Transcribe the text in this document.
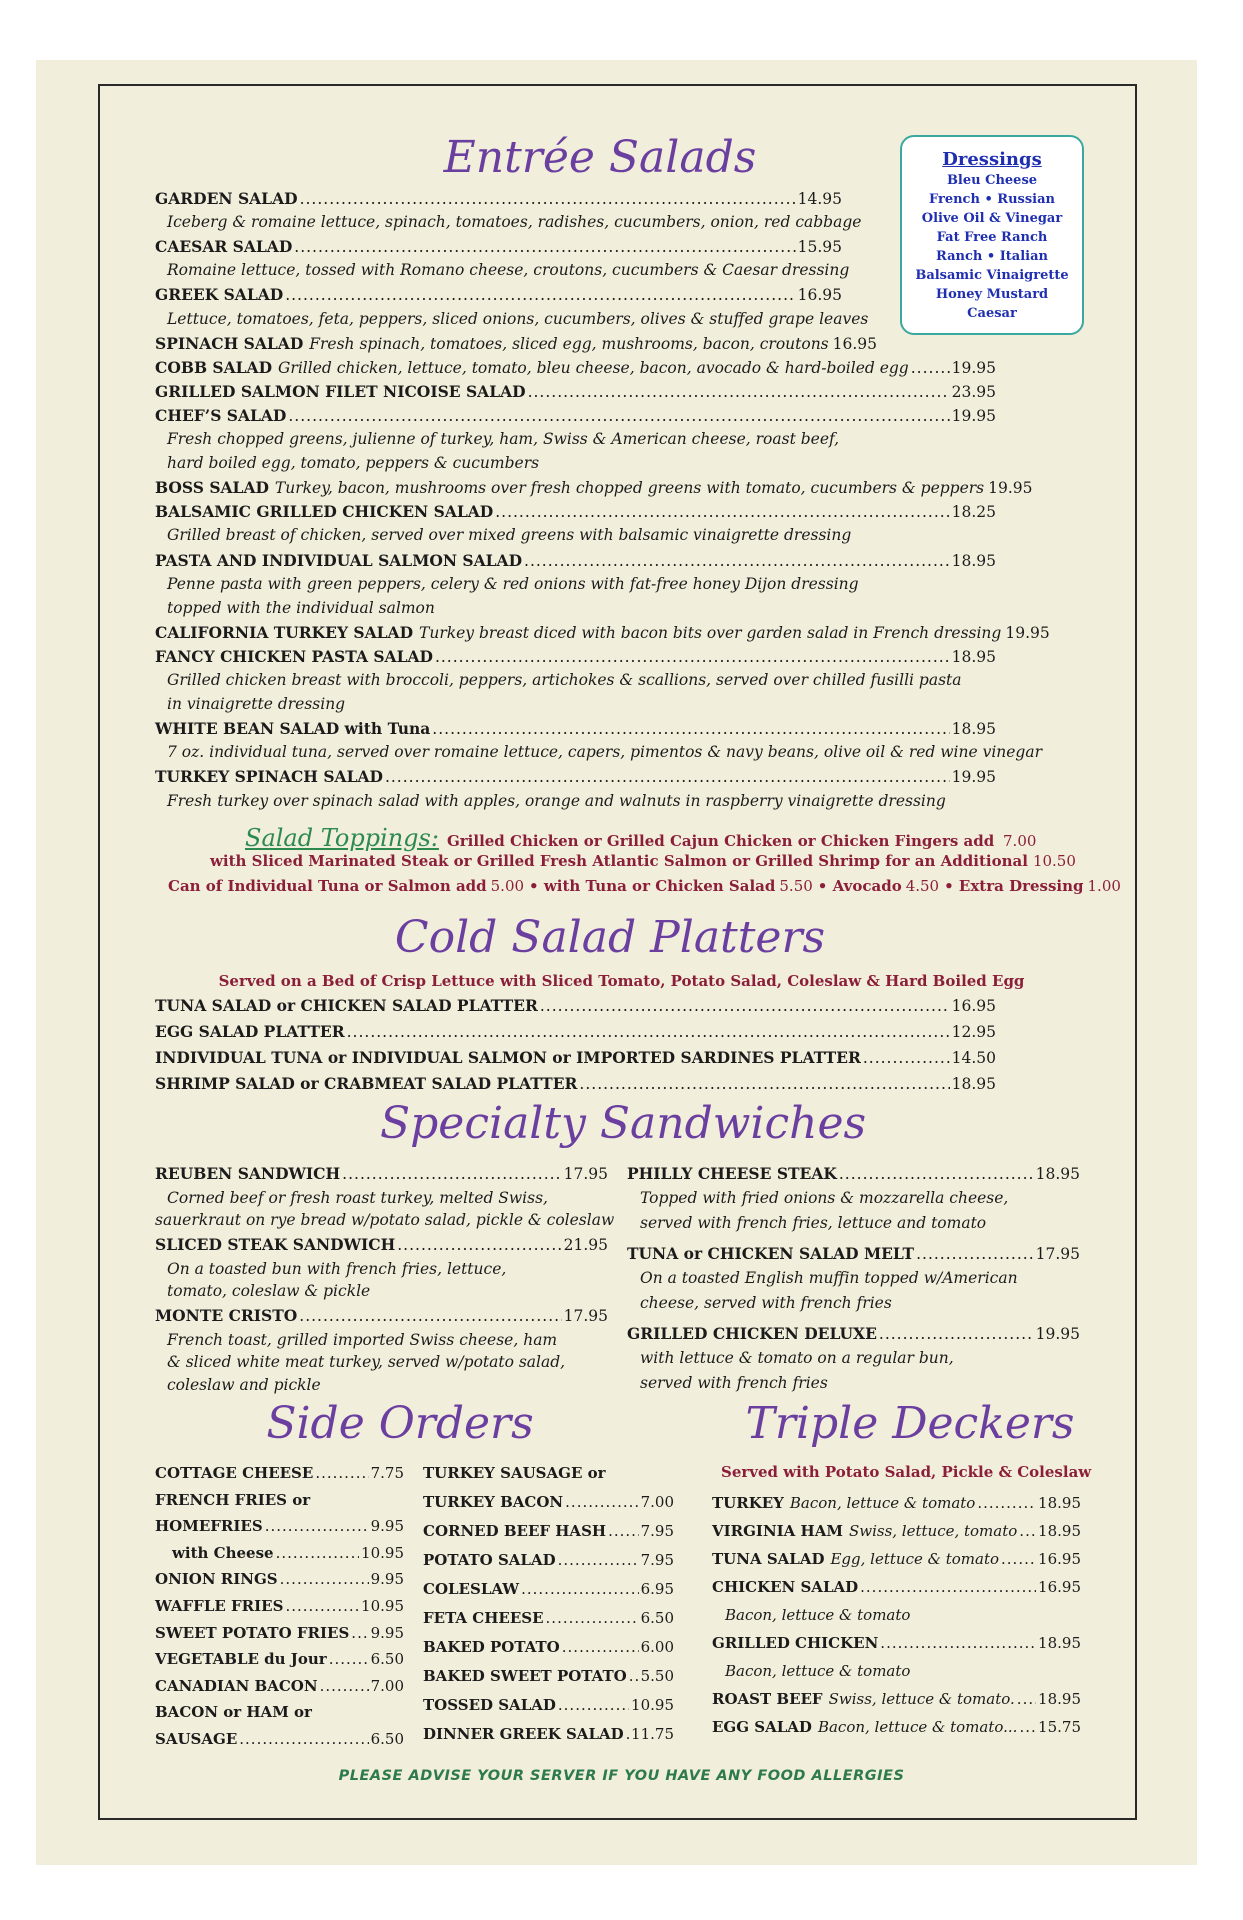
Entrée Salads
Cold Salad Platters
Specialty Sandwiches
Side Orders	Triple Deckers
Dressings
Bleu Cheese
French • Russian
Olive Oil & Vinegar
Fat Free Ranch
Ranch • Italian
Balsamic Vinaigrette
Honey Mustard
Caesar
GARDEN SALAD .....	14.95
Iceberg & romaine lettuce, spinach, tomatoes, radishes, cucumbers, onion, red cabbage
CAESAR SALAD .....	15.95
Romaine lettuce, tossed with Romano cheese, croutons, cucumbers & Caesar dressing
GREEK SALAD .....	16.95
Lettuce, tomatoes, feta, peppers, sliced onions, cucumbers, olives & stuffed grape leaves
SPINACH SALAD Fresh spinach, tomatoes, sliced egg, mushrooms, bacon, croutons 16.95
COBB SALAD Grilled chicken, lettuce, tomato, bleu cheese, bacon, avocado & hard-boiled egg .....	19.95
GRILLED SALMON FILET NICOISE SALAD .....	23.95
CHEF’S SALAD .....	19.95
Fresh chopped greens, julienne of turkey, ham, Swiss & American cheese, roast beef,
hard boiled egg, tomato, peppers & cucumbers
BOSS SALAD Turkey, bacon, mushrooms over fresh chopped greens with tomato, cucumbers & peppers 19.95
BALSAMIC GRILLED CHICKEN SALAD .....	18.25
Grilled breast of chicken, served over mixed greens with balsamic vinaigrette dressing
PASTA AND INDIVIDUAL SALMON SALAD .....	18.95
Penne pasta with green peppers, celery & red onions with fat-free honey Dijon dressing
topped with the individual salmon
CALIFORNIA TURKEY SALAD Turkey breast diced with bacon bits over garden salad in French dressing 19.95
FANCY CHICKEN PASTA SALAD .....	18.95
Grilled chicken breast with broccoli, peppers, artichokes & scallions, served over chilled fusilli pasta
in vinaigrette dressing
WHITE BEAN SALAD with Tuna .....	18.95
7 oz. individual tuna, served over romaine lettuce, capers, pimentos & navy beans, olive oil & red wine vinegar
TURKEY SPINACH SALAD .....	19.95
Fresh turkey over spinach salad with apples, orange and walnuts in raspberry vinaigrette dressing
Salad Toppings: Grilled Chicken or Grilled Cajun Chicken or Chicken Fingers add 7.00
with Sliced Marinated Steak or Grilled Fresh Atlantic Salmon or Grilled Shrimp for an Additional 10.50
Can of Individual Tuna or Salmon add 5.00 • with Tuna or Chicken Salad 5.50 • Avocado 4.50 • Extra Dressing 1.00
Served on a Bed of Crisp Lettuce with Sliced Tomato, Potato Salad, Coleslaw & Hard Boiled Egg
TUNA SALAD or CHICKEN SALAD PLATTER .....	16.95
EGG SALAD PLATTER .....	12.95
INDIVIDUAL TUNA or INDIVIDUAL SALMON or IMPORTED SARDINES PLATTER .....	14.50
SHRIMP SALAD or CRABMEAT SALAD PLATTER .....	18.95
REUBEN SANDWICH .....	17.95
Corned beef or fresh roast turkey, melted Swiss,
sauerkraut on rye bread w/potato salad, pickle & coleslaw
SLICED STEAK SANDWICH .....	21.95
On a toasted bun with french fries, lettuce,
tomato, coleslaw & pickle
MONTE CRISTO .....	17.95
French toast, grilled imported Swiss cheese, ham
& sliced white meat turkey, served w/potato salad,
coleslaw and pickle
PHILLY CHEESE STEAK .....	18.95
Topped with fried onions & mozzarella cheese,
served with french fries, lettuce and tomato
TUNA or CHICKEN SALAD MELT .....	17.95
On a toasted English muffin topped w/American
cheese, served with french fries
GRILLED CHICKEN DELUXE .....	19.95
with lettuce & tomato on a regular bun,
served with french fries
COTTAGE CHEESE .....	7.75
FRENCH FRIES or
HOMEFRIES .....	9.95
with Cheese .....	10.95
ONION RINGS .....	9.95
WAFFLE FRIES .....	10.95
SWEET POTATO FRIES ..... 9.95
VEGETABLE du Jour .....	6.50
CANADIAN BACON .....	7.00
BACON or HAM or
SAUSAGE .....	6.50
TURKEY SAUSAGE or
TURKEY BACON .....	7.00
CORNED BEEF HASH ..... 7.95
POTATO SALAD .....	7.95
COLESLAW .....	6.95
FETA CHEESE .....	6.50
BAKED POTATO .....	6.00
BAKED SWEET POTATO ..... 5.50
TOSSED SALAD .....	10.95
DINNER GREEK SALAD ..... 11.75
Served with Potato Salad, Pickle & Coleslaw
TURKEY Bacon, lettuce & tomato .....	18.95
VIRGINIA HAM Swiss, lettuce, tomato ..... 18.95
TUNA SALAD Egg, lettuce & tomato .....	16.95
CHICKEN SALAD .....	16.95
Bacon, lettuce & tomato
GRILLED CHICKEN .....	18.95
Bacon, lettuce & tomato
ROAST BEEF Swiss, lettuce & tomato. ..... 18.95
EGG SALAD Bacon, lettuce & tomato... ..... 15.75
PLEASE ADVISE YOUR SERVER IF YOU HAVE ANY FOOD ALLERGIES
